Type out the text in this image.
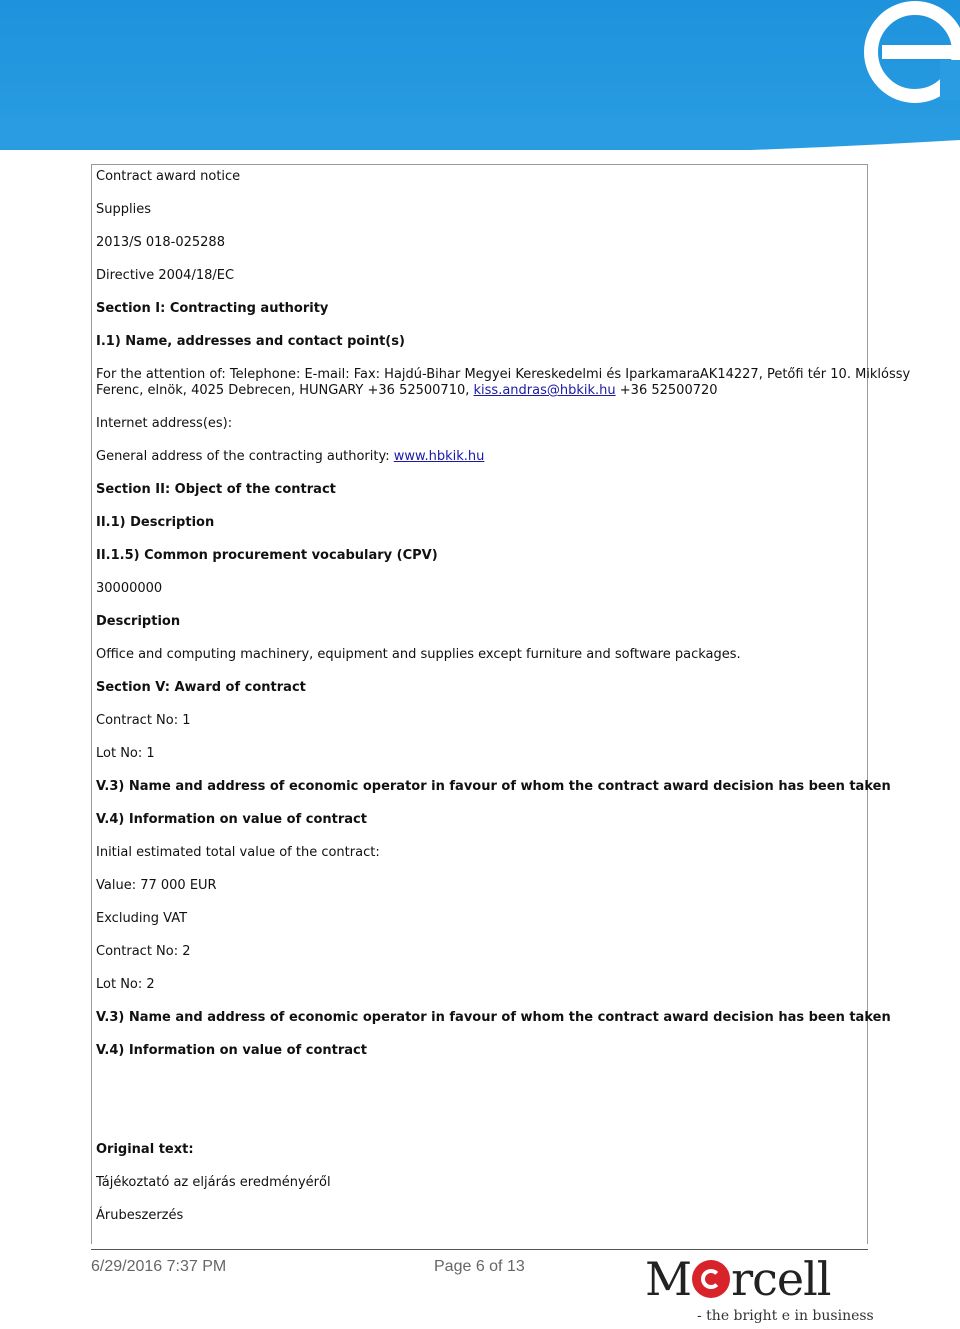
Contract award notice
Supplies
2013/S 018-025288
Directive 2004/18/EC
Section I: Contracting authority
I.1) Name, addresses and contact point(s)
For the attention of: Telephone: E-mail: Fax: Hajdú-Bihar Megyei Kereskedelmi és IparkamaraAK14227, Petőfi tér 10. Miklóssy
Ferenc, elnök, 4025 Debrecen, HUNGARY +36 52500710, kiss.andras@hbkik.hu +36 52500720
Internet address(es):
General address of the contracting authority: www.hbkik.hu
Section II: Object of the contract
II.1) Description
II.1.5) Common procurement vocabulary (CPV)
30000000
Description
Office and computing machinery, equipment and supplies except furniture and software packages.
Section V: Award of contract
Contract No: 1
Lot No: 1
V.3) Name and address of economic operator in favour of whom the contract award decision has been taken
V.4) Information on value of contract
Initial estimated total value of the contract:
Value: 77 000 EUR
Excluding VAT
Contract No: 2
Lot No: 2
V.3) Name and address of economic operator in favour of whom the contract award decision has been taken
V.4) Information on value of contract
Original text:
Tájékoztató az eljárás eredményéről
Árubeszerzés
6/29/2016 7:37 PM	Page 6 of 13	M rcell
- the bright e in business
